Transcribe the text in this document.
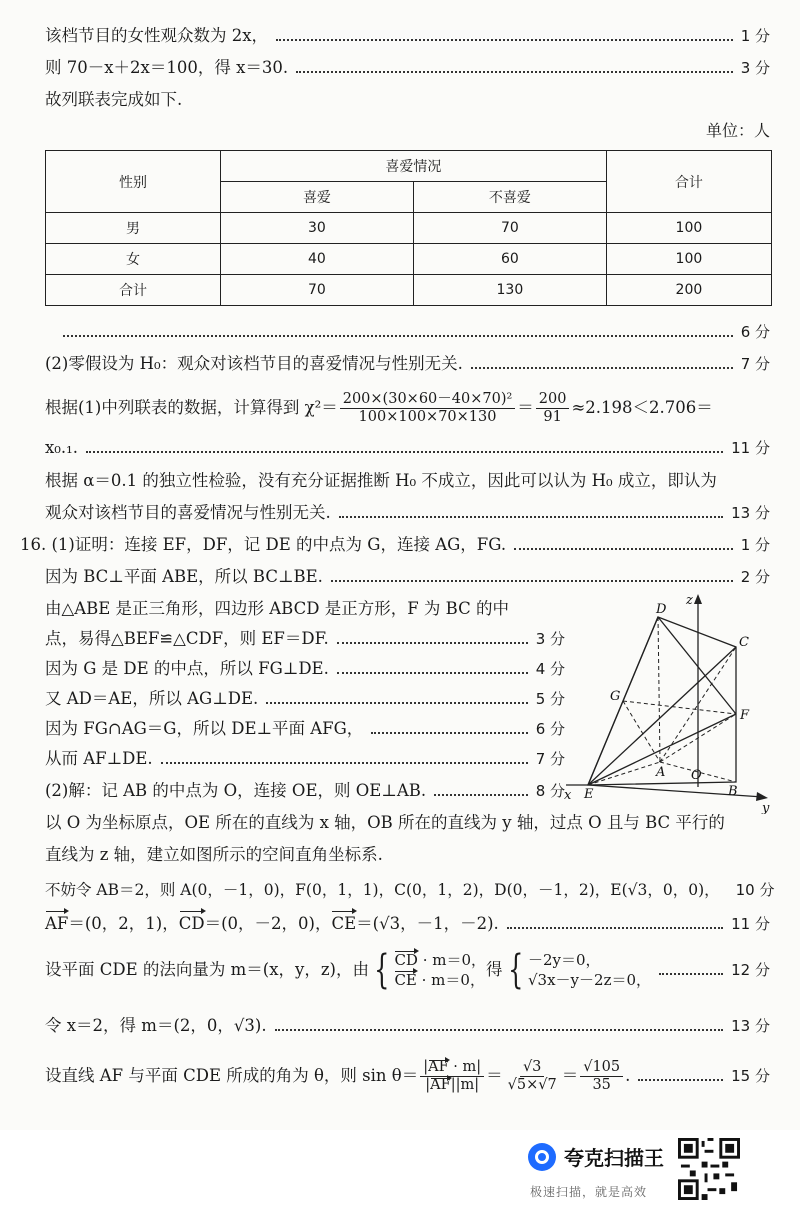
该档节目的女性观众数为 2x，	1 分
则 70－x＋2x＝100，得 x＝30.	3 分
故列联表完成如下.
单位：人
性别	喜爱情况		合计
	喜爱	不喜爱	
男	30	70	100
女	40	60	100
合计	70	130	200
6 分
(2)零假设为 H₀：观众对该档节目的喜爱情况与性别无关.	7 分
根据(1)中列联表的数据，计算得到 $\chi^2= \frac{\text{200×(30×60－40×70)²}}{100\times 100\times 70\times 130} = \frac{200}{91} \approx 2.198<2.706=$
x₀.₁.	11 分
根据 α＝0.1 的独立性检验，没有充分证据推断 H₀ 不成立，因此可以认为 H₀ 成立，即认为
观众对该档节目的喜爱情况与性别无关.	13 分
16. (1)证明：连接 EF，DF，记 DE 的中点为 G，连接 AG，FG.	1 分
因为 BC⊥平面 ABE，所以 BC⊥BE.	2 分
由△ABE 是正三角形，四边形 ABCD 是正方形，F 为 BC 的中
点，易得△BEF≌△CDF，则 EF＝DF.	3 分
因为 G 是 DE 的中点，所以 FG⊥DE.	4 分
又 AD＝AE，所以 AG⊥DE.	5 分
因为 FG∩AG＝G，所以 DE⊥平面 AFG，	6 分
从而 AF⊥DE.	7 分
(2)解：记 AB 的中点为 O，连接 OE，则 OE⊥AB.	8 分
以 O 为坐标原点，OE 所在的直线为 x 轴，OB 所在的直线为 y 轴，过点 O 且与 BC 平行的
直线为 z 轴，建立如图所示的空间直角坐标系.
不妨令 AB＝2，则 A(0，－1，0)，F(0，1，1)，C(0，1，2)，D(0，－1，2)，E(√3，0，0)， 10 分
AF＝(0，2，1)，CD＝(0，－2，0)，CE＝(√3，－1，－2).	11 分
设平面 CDE 的法向量为 m＝(x，y，z)，由 { CD · m＝0，
CE · m＝0，
得 { －2y＝0，
√3x－y－2z＝0，
12 分
令 x＝2，得 m＝(2，0，√3).	13 分
设直线 AF 与平面 CDE 所成的角为 θ，则 $\sin \theta= \frac{|AF \cdot m|}{|AF||m|} = \frac{√3}{√5\times√7} = \frac{√105}{35}$ .	15 分
D
C
G
F
A O
E	B
x
y
z
夸克扫描王
极速扫描，就是高效
